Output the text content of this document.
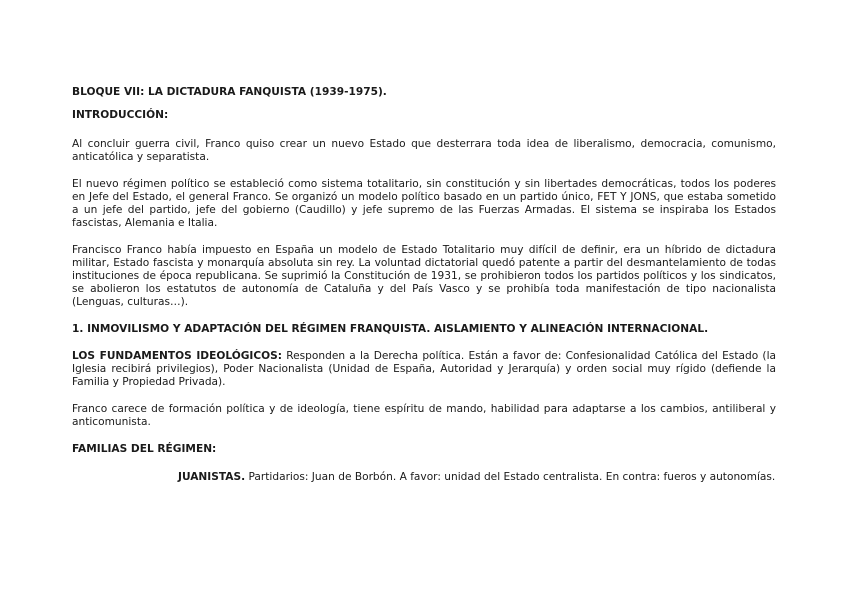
BLOQUE VII: LA DICTADURA FANQUISTA (1939-1975).

INTRODUCCIÓN:

Al concluir guerra civil, Franco quiso crear un nuevo Estado que desterrara toda idea de liberalismo, democracia, comunismo, anticatólica y separatista.

El nuevo régimen político se estableció como sistema totalitario, sin constitución y sin libertades democráticas, todos los poderes en Jefe del Estado, el general Franco. Se organizó un modelo político basado en un partido único, FET Y JONS, que estaba sometido a un jefe del partido, jefe del gobierno (Caudillo) y jefe supremo de las Fuerzas Armadas. El sistema se inspiraba los Estados fascistas, Alemania e Italia.

Francisco Franco había impuesto en España un modelo de Estado Totalitario muy difícil de definir, era un híbrido de dictadura militar, Estado fascista y monarquía absoluta sin rey. La voluntad dictatorial quedó patente a partir del desmantelamiento de todas instituciones de época republicana. Se suprimió la Constitución de 1931, se prohibieron todos los partidos políticos y los sindicatos, se abolieron los estatutos de autonomía de Cataluña y del País Vasco y se prohibía toda manifestación de tipo nacionalista (Lenguas, culturas…).

1. INMOVILISMO Y ADAPTACIÓN DEL RÉGIMEN FRANQUISTA. AISLAMIENTO Y ALINEACIÓN INTERNACIONAL.

LOS FUNDAMENTOS IDEOLÓGICOS: Responden a la Derecha política. Están a favor de: Confesionalidad Católica del Estado (la Iglesia recibirá privilegios), Poder Nacionalista (Unidad de España, Autoridad y Jerarquía) y orden social muy rígido (defiende la Familia y Propiedad Privada).

Franco carece de formación política y de ideología, tiene espíritu de mando, habilidad para adaptarse a los cambios, antiliberal y anticomunista.

FAMILIAS DEL RÉGIMEN:

JUANISTAS. Partidarios: Juan de Borbón. A favor: unidad del Estado centralista. En contra: fueros y autonomías.
